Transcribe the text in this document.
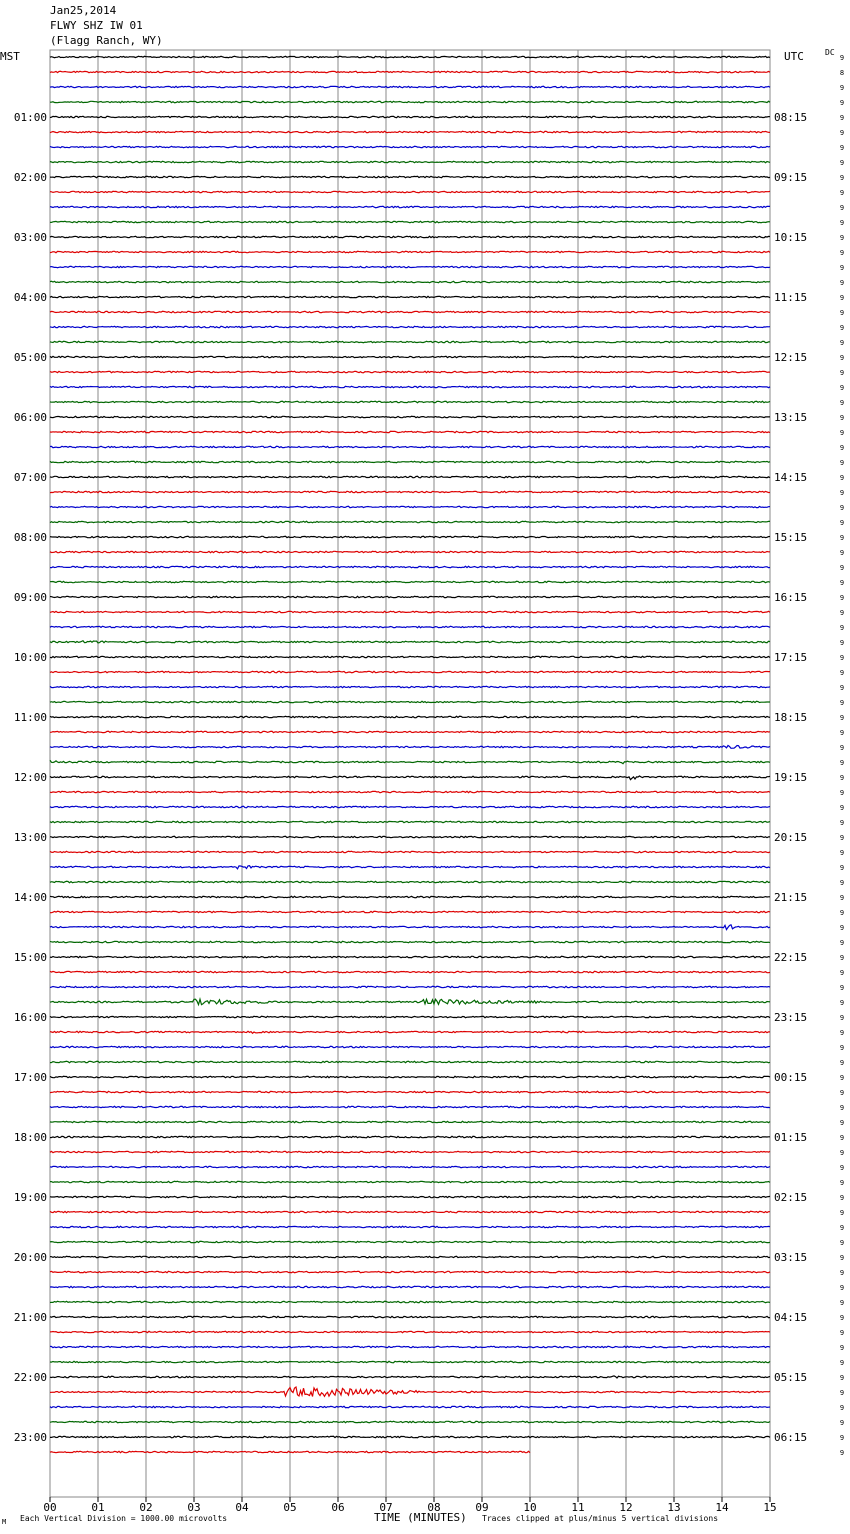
00	01	02	03	04	05	06	07	08	09	10	11	12	13	14	15
9
8
9
9
9
9
9
9
9
9
9
9
9
9
9
9
9
9
9
9
9
9
9
9
9
9
9
9
9
9
9
9
9
9
9
9
9
9
9
9
9
9
9
9
9
9
9
9
9
9
9
9
9
9
9
9
9
9
9
9
9
9
9
9
9
9
9
9
9
9
9
9
9
9
9
9
9
9
9
9
9
9
9
9
9
9
9
9
9
9
9
9
9
9
01:00	08:15
02:00	09:15
03:00	10:15
04:00	11:15
05:00	12:15
06:00	13:15
07:00	14:15
08:00	15:15
09:00	16:15
10:00	17:15
11:00	18:15
12:00	19:15
13:00	20:15
14:00	21:15
15:00	22:15
16:00	23:15
17:00	00:15
18:00	01:15
19:00	02:15
20:00	03:15
21:00	04:15
22:00	05:15
23:00	06:15
Jan25,2014
FLWY SHZ IW 01
(Flagg Ranch, WY)
MST	UTC	DC
M Each Vertical Division = 1000.00 microvolts	TIME (MINUTES) Traces clipped at plus/minus 5 vertical divisions
